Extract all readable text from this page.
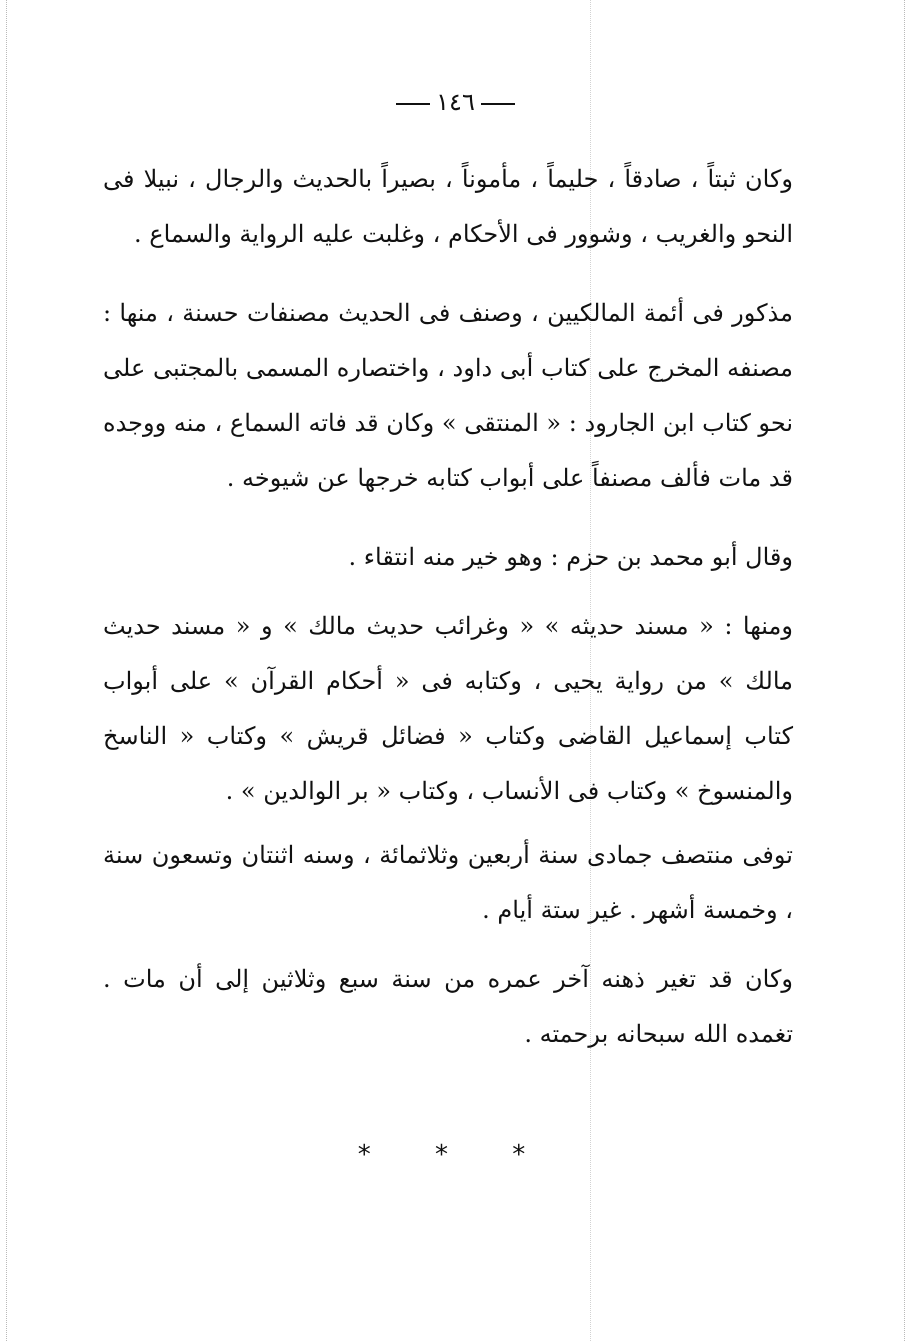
١٤٦

وكان ثبتاً ، صادقاً ، حليماً ، مأموناً ، بصيراً بالحديث والرجال ، نبيلا فى النحو والغريب ، وشوور فى الأحكام ، وغلبت عليه الرواية والسماع .

مذكور فى أئمة المالكيين ، وصنف فى الحديث مصنفات حسنة ، منها : مصنفه المخرج على كتاب أبى داود ، واختصاره المسمى بالمجتبى على نحو كتاب ابن الجارود : « المنتقى » وكان قد فاته السماع ، منه ووجده قد مات فألف مصنفاً على أبواب كتابه خرجها عن شيوخه .

وقال أبو محمد بن حزم : وهو خير منه انتقاء .

ومنها : « مسند حديثه » « وغرائب حديث مالك » و « مسند حديث مالك » من رواية يحيى ، وكتابه فى « أحكام القرآن » على أبواب كتاب إسماعيل القاضى وكتاب « فضائل قريش » وكتاب « الناسخ والمنسوخ » وكتاب فى الأنساب ، وكتاب « بر الوالدين » .

توفى منتصف جمادى سنة أربعين وثلاثمائة ، وسنه اثنتان وتسعون سنة ، وخمسة أشهر . غير ستة أيام .

وكان قد تغير ذهنه آخر عمره من سنة سبع وثلاثين إلى أن مات . تغمده الله سبحانه برحمته .

* * *
